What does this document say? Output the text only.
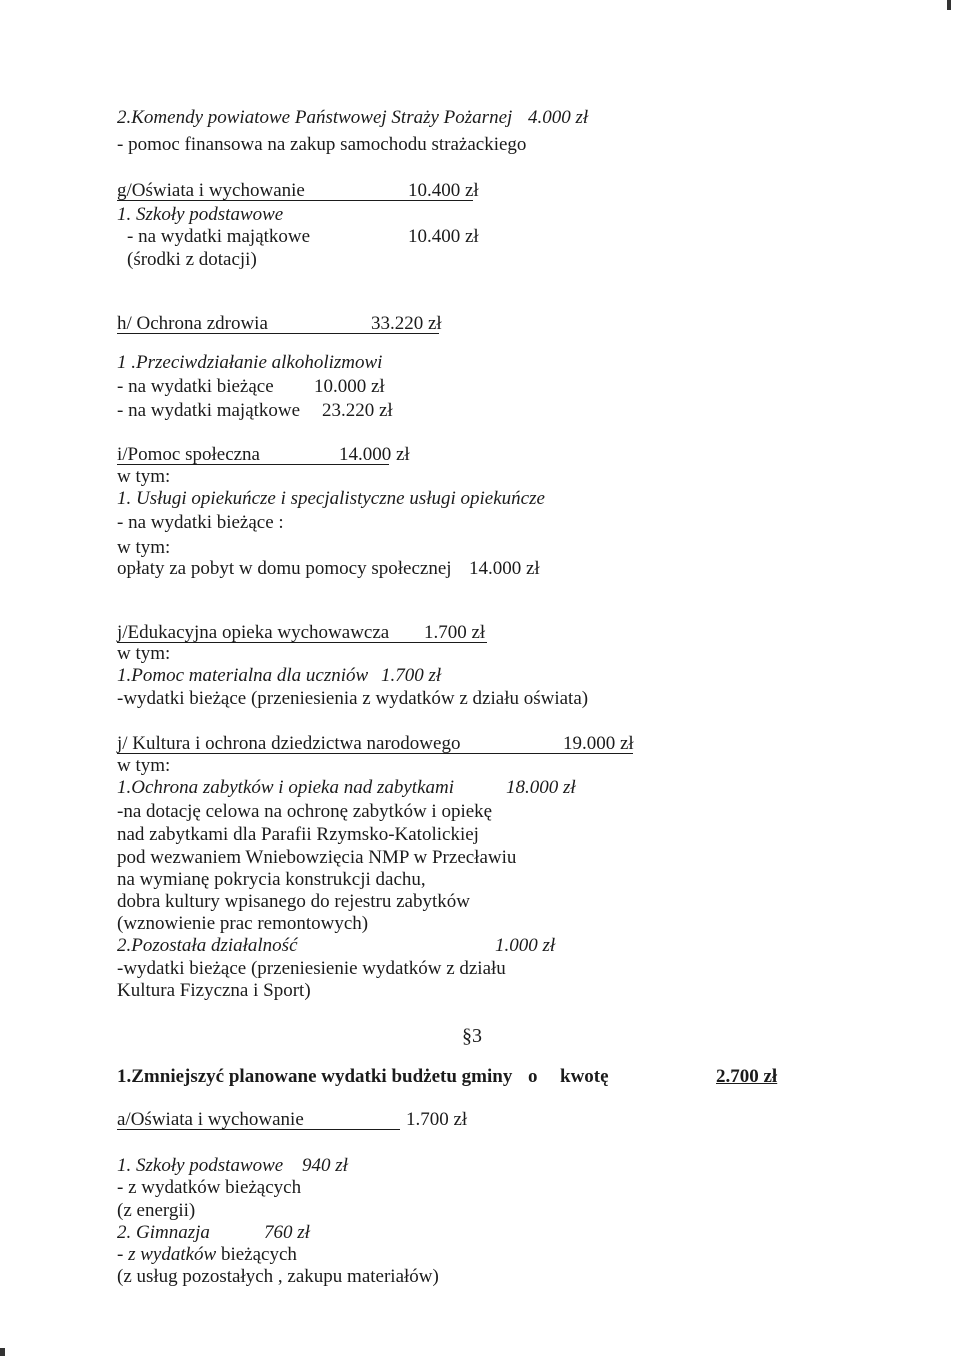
2.Komendy powiatowe Państwowej Straży Pożarnej 4.000 zł
- pomoc finansowa na zakup samochodu strażackiego
g/Oświata i wychowanie	10.400 zł
1. Szkoły podstawowe
- na wydatki majątkowe	10.400 zł
(środki z dotacji)
h/ Ochrona zdrowia	33.220 zł
1 .Przeciwdziałanie alkoholizmowi
- na wydatki bieżące 10.000 zł
- na wydatki majątkowe 23.220 zł
i/Pomoc społeczna	14.000 zł
w tym:
1. Usługi opiekuńcze i specjalistyczne usługi opiekuńcze
- na wydatki bieżące :
w tym:
opłaty za pobyt w domu pomocy społecznej 14.000 zł
j/Edukacyjna opieka wychowawcza 1.700 zł
w tym:
1.Pomoc materialna dla uczniów 1.700 zł
-wydatki bieżące (przeniesienia z wydatków z działu oświata)
j/ Kultura i ochrona dziedzictwa narodowego	19.000 zł
w tym:
1.Ochrona zabytków i opieka nad zabytkami	18.000 zł
-na dotację celowa na ochronę zabytków i opiekę
nad zabytkami dla Parafii Rzymsko-Katolickiej
pod wezwaniem Wniebowzięcia NMP w Przecławiu
na wymianę pokrycia konstrukcji dachu,
dobra kultury wpisanego do rejestru zabytków
(wznowienie prac remontowych)
2.Pozostała działalność	1.000 zł
-wydatki bieżące (przeniesienie wydatków z działu
Kultura Fizyczna i Sport)
§3
1.Zmniejszyć planowane wydatki budżetu gminy o kwotę	2.700 zł
a/Oświata i wychowanie	1.700 zł
1. Szkoły podstawowe 940 zł
- z wydatków bieżących
(z energii)
2. Gimnazja	760 zł
- z wydatków bieżących
(z usług pozostałych , zakupu materiałów)
